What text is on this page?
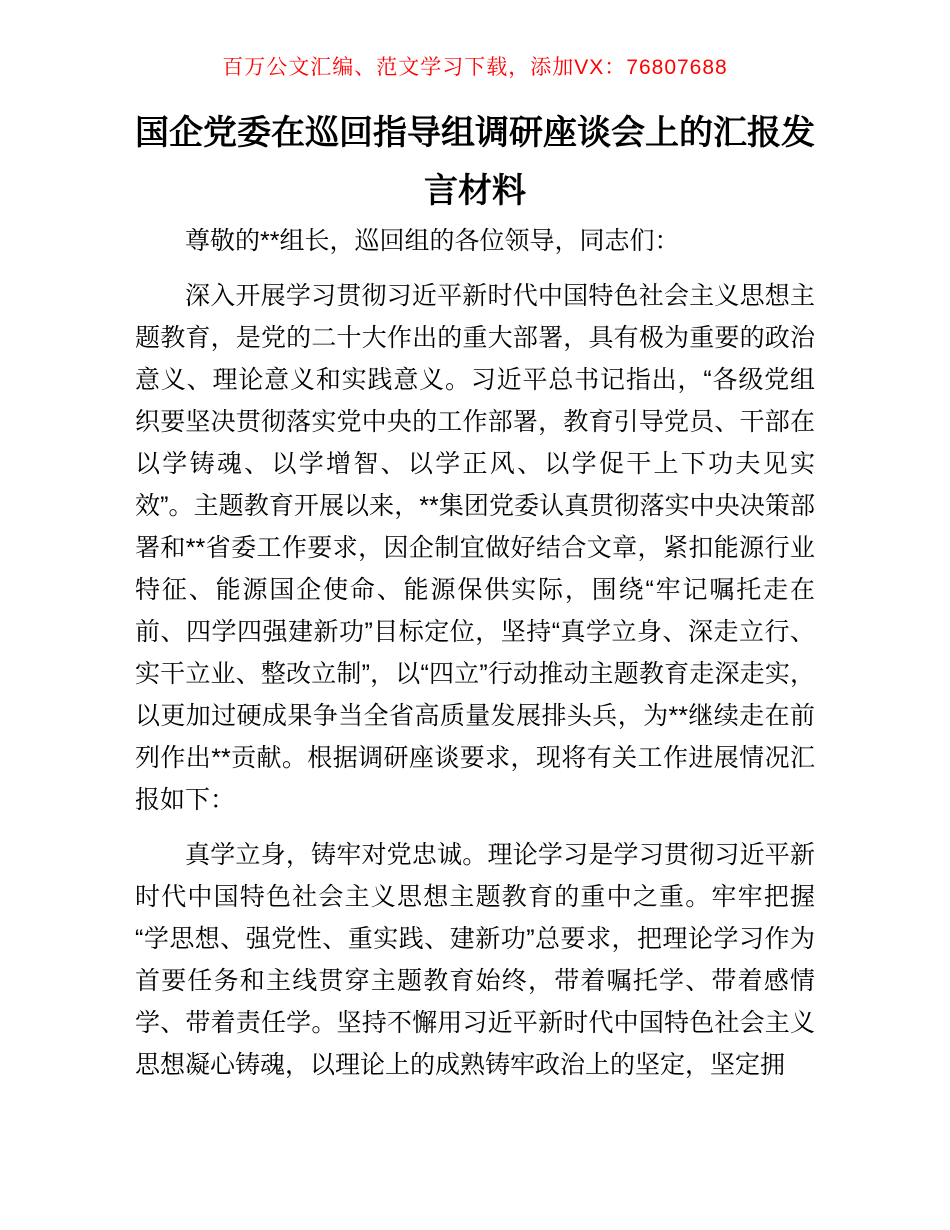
百万公文汇编、范文学习下载，添加VX：76807688
国企党委在巡回指导组调研座谈会上的汇报发言材料

尊敬的**组长，巡回组的各位领导，同志们：

深入开展学习贯彻习近平新时代中国特色社会主义思想主题教育，是党的二十大作出的重大部署，具有极为重要的政治意义、理论意义和实践意义。习近平总书记指出，“各级党组织要坚决贯彻落实党中央的工作部署，教育引导党员、干部在以学铸魂、以学增智、以学正风、以学促干上下功夫见实效”。主题教育开展以来，**集团党委认真贯彻落实中央决策部署和**省委工作要求，因企制宜做好结合文章，紧扣能源行业特征、能源国企使命、能源保供实际，围绕“牢记嘱托走在前、四学四强建新功”目标定位，坚持“真学立身、深走立行、实干立业、整改立制”，以“四立”行动推动主题教育走深走实，以更加过硬成果争当全省高质量发展排头兵，为**继续走在前列作出**贡献。根据调研座谈要求，现将有关工作进展情况汇报如下：

真学立身，铸牢对党忠诚。理论学习是学习贯彻习近平新时代中国特色社会主义思想主题教育的重中之重。牢牢把握“学思想、强党性、重实践、建新功”总要求，把理论学习作为首要任务和主线贯穿主题教育始终，带着嘱托学、带着感情学、带着责任学。坚持不懈用习近平新时代中国特色社会主义思想凝心铸魂，以理论上的成熟铸牢政治上的坚定，坚定拥
